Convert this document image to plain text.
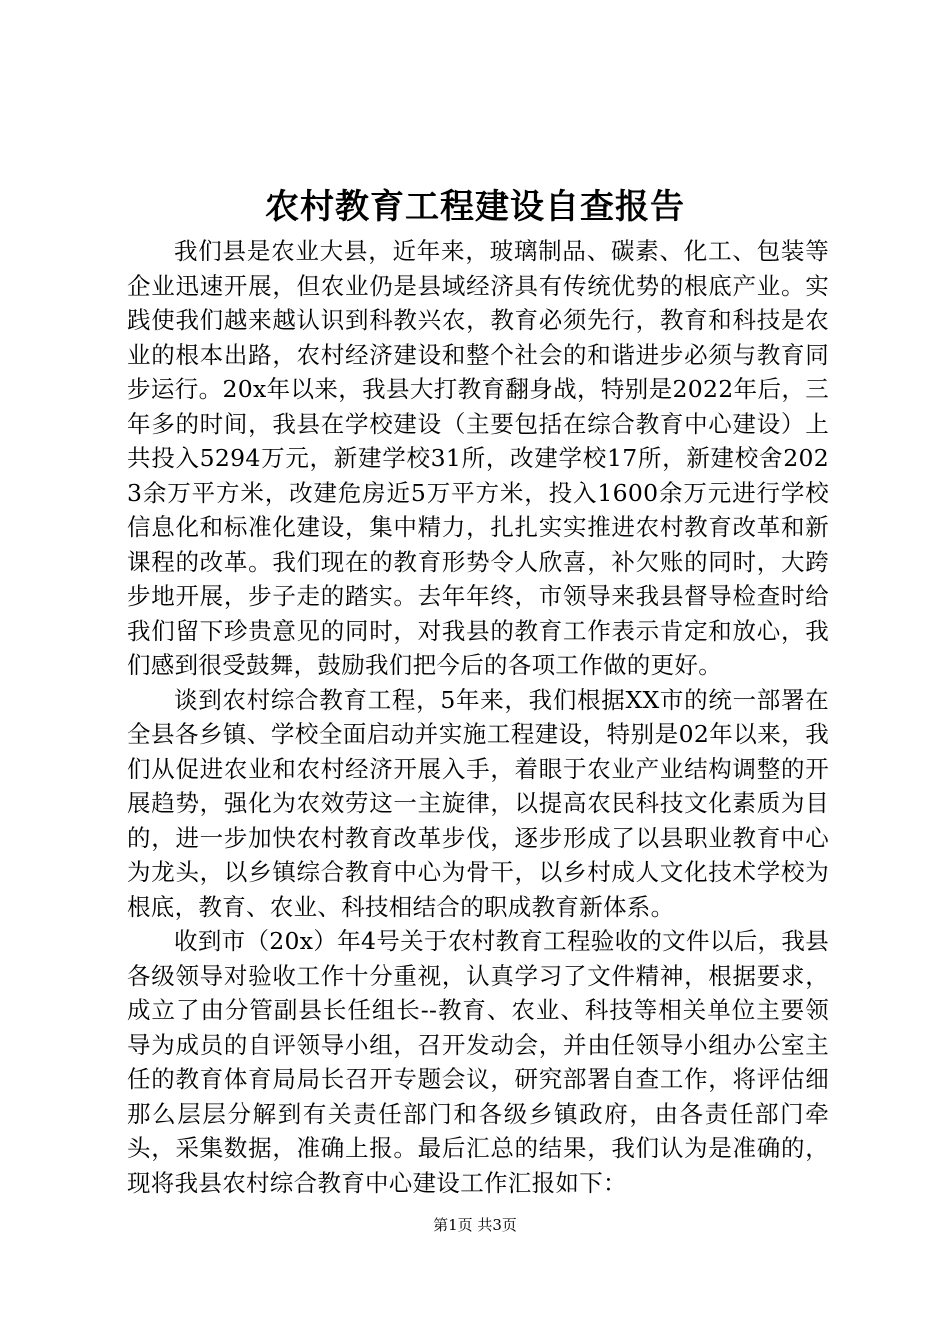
农村教育工程建设自查报告

我们县是农业大县，近年来，玻璃制品、碳素、化工、包装等企业迅速开展，但农业仍是县域经济具有传统优势的根底产业。实践使我们越来越认识到科教兴农，教育必须先行，教育和科技是农业的根本出路，农村经济建设和整个社会的和谐进步必须与教育同步运行。20x年以来，我县大打教育翻身战，特别是2022年后，三年多的时间，我县在学校建设（主要包括在综合教育中心建设）上共投入5294万元，新建学校31所，改建学校17所，新建校舍2023余万平方米，改建危房近5万平方米，投入1600余万元进行学校信息化和标准化建设，集中精力，扎扎实实推进农村教育改革和新课程的改革。我们现在的教育形势令人欣喜，补欠账的同时，大跨步地开展，步子走的踏实。去年年终，市领导来我县督导检查时给我们留下珍贵意见的同时，对我县的教育工作表示肯定和放心，我们感到很受鼓舞，鼓励我们把今后的各项工作做的更好。

谈到农村综合教育工程，5年来，我们根据XX市的统一部署在全县各乡镇、学校全面启动并实施工程建设，特别是02年以来，我们从促进农业和农村经济开展入手，着眼于农业产业结构调整的开展趋势，强化为农效劳这一主旋律，以提高农民科技文化素质为目的，进一步加快农村教育改革步伐，逐步形成了以县职业教育中心为龙头，以乡镇综合教育中心为骨干，以乡村成人文化技术学校为根底，教育、农业、科技相结合的职成教育新体系。

收到市（20x）年4号关于农村教育工程验收的文件以后，我县各级领导对验收工作十分重视，认真学习了文件精神，根据要求，成立了由分管副县长任组长--教育、农业、科技等相关单位主要领导为成员的自评领导小组，召开发动会，并由任领导小组办公室主任的教育体育局局长召开专题会议，研究部署自查工作，将评估细那么层层分解到有关责任部门和各级乡镇政府，由各责任部门牵头，采集数据，准确上报。最后汇总的结果，我们认为是准确的，现将我县农村综合教育中心建设工作汇报如下：

第1页 共3页
